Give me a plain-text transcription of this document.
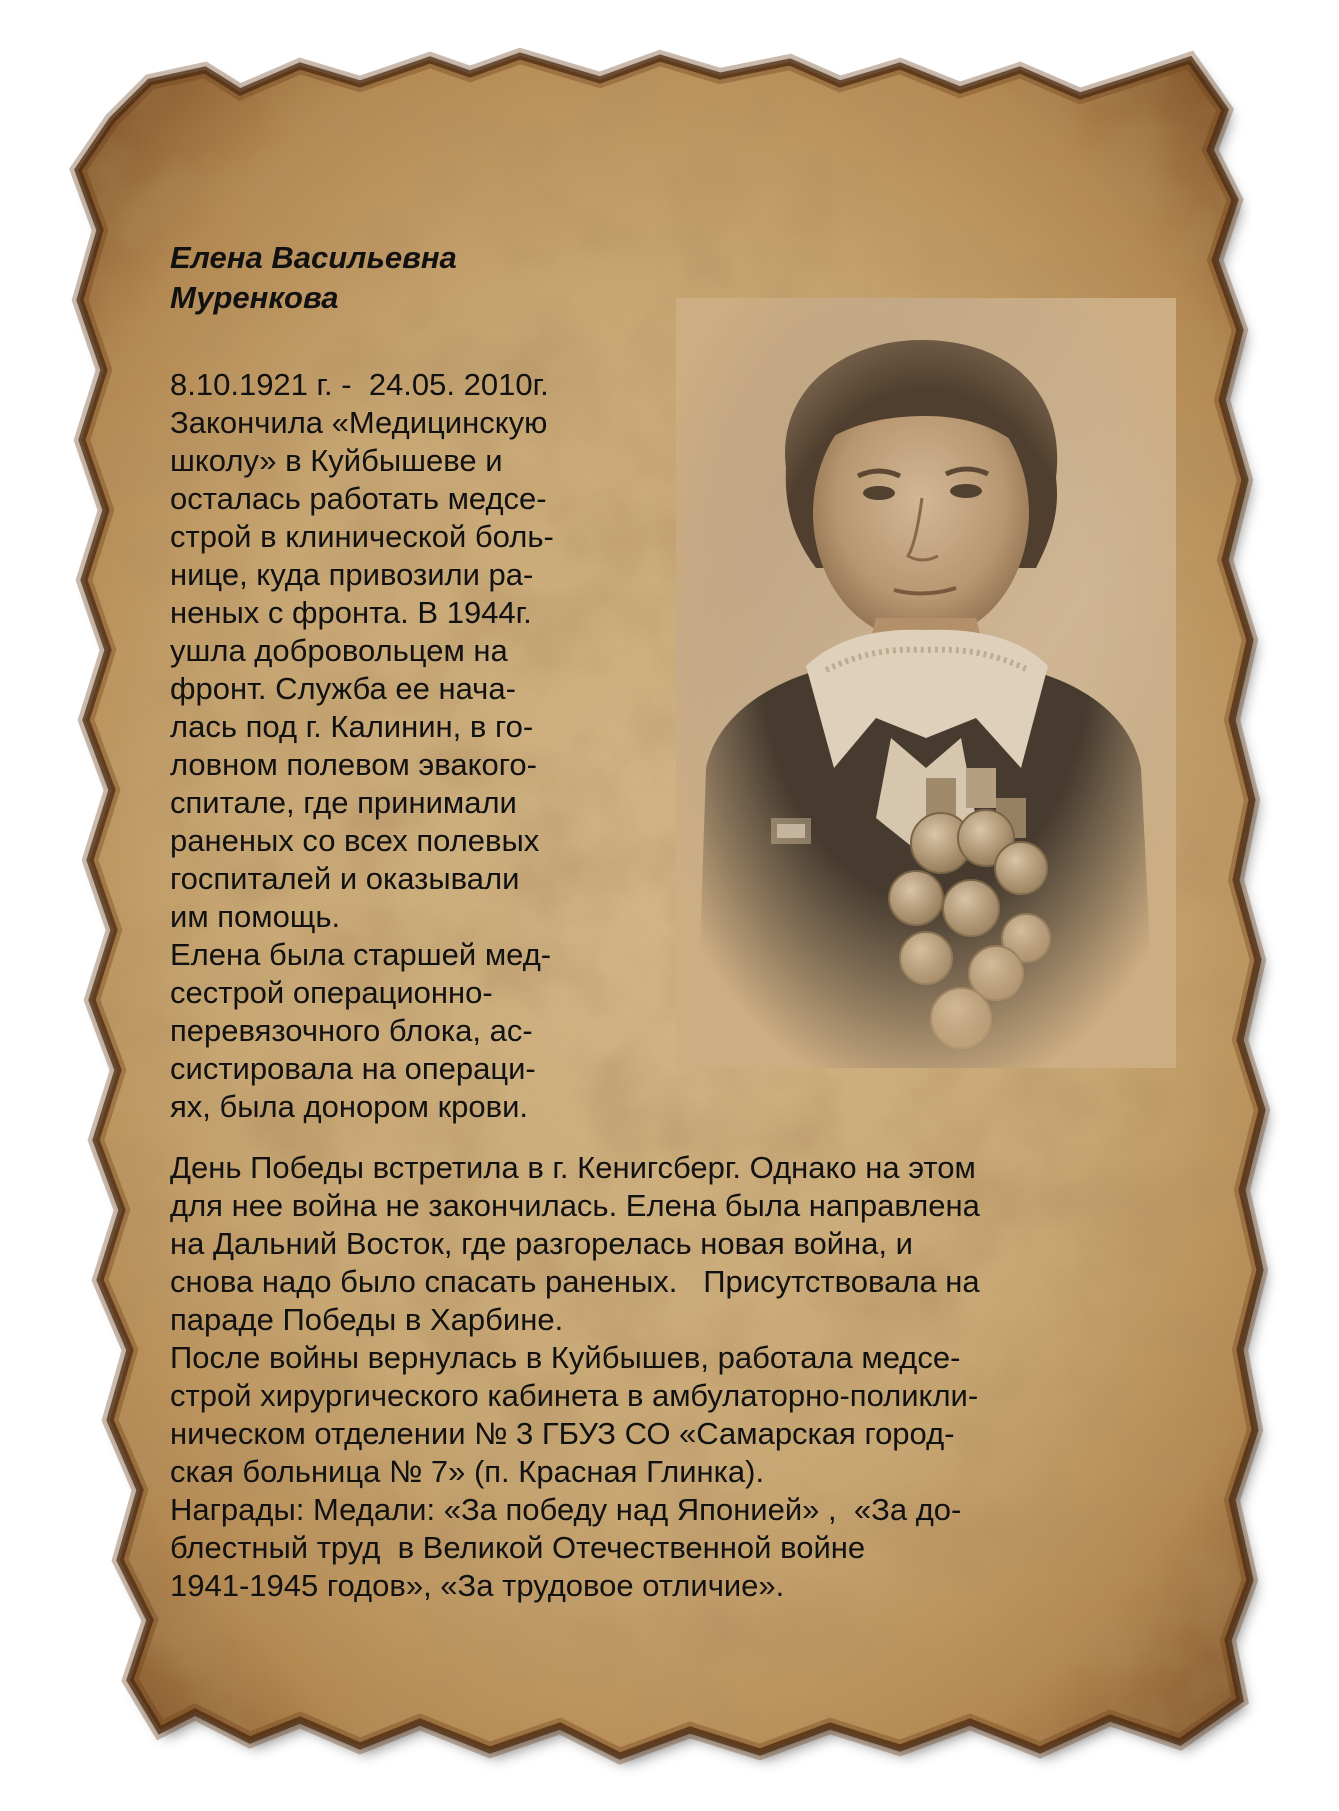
Елена Васильевна
Муренкова
8.10.1921 г. -  24.05. 2010г.
Закончила «Медицинскую
школу» в Куйбышеве и
осталась работать медсе-
строй в клинической боль-
нице, куда привозили ра-
неных с фронта. В 1944г.
ушла добровольцем на
фронт. Служба ее нача-
лась под г. Калинин, в го-
ловном полевом эвакого-
спитале, где принимали
раненых со всех полевых
госпиталей и оказывали
им помощь.
Елена была старшей мед-
сестрой операционно-
перевязочного блока, ас-
систировала на операци-
ях, была донором крови.
День Победы встретила в г. Кенигсберг. Однако на этом
для нее война не закончилась. Елена была направлена
на Дальний Восток, где разгорелась новая война, и
снова надо было спасать раненых.   Присутствовала на
параде Победы в Харбине.
После войны вернулась в Куйбышев, работала медсе-
строй хирургического кабинета в амбулаторно-поликли-
ническом отделении № 3 ГБУЗ СО «Самарская город-
ская больница № 7» (п. Красная Глинка).
Награды: Медали: «За победу над Японией» ,  «За до-
блестный труд  в Великой Отечественной войне
1941-1945 годов», «За трудовое отличие».
